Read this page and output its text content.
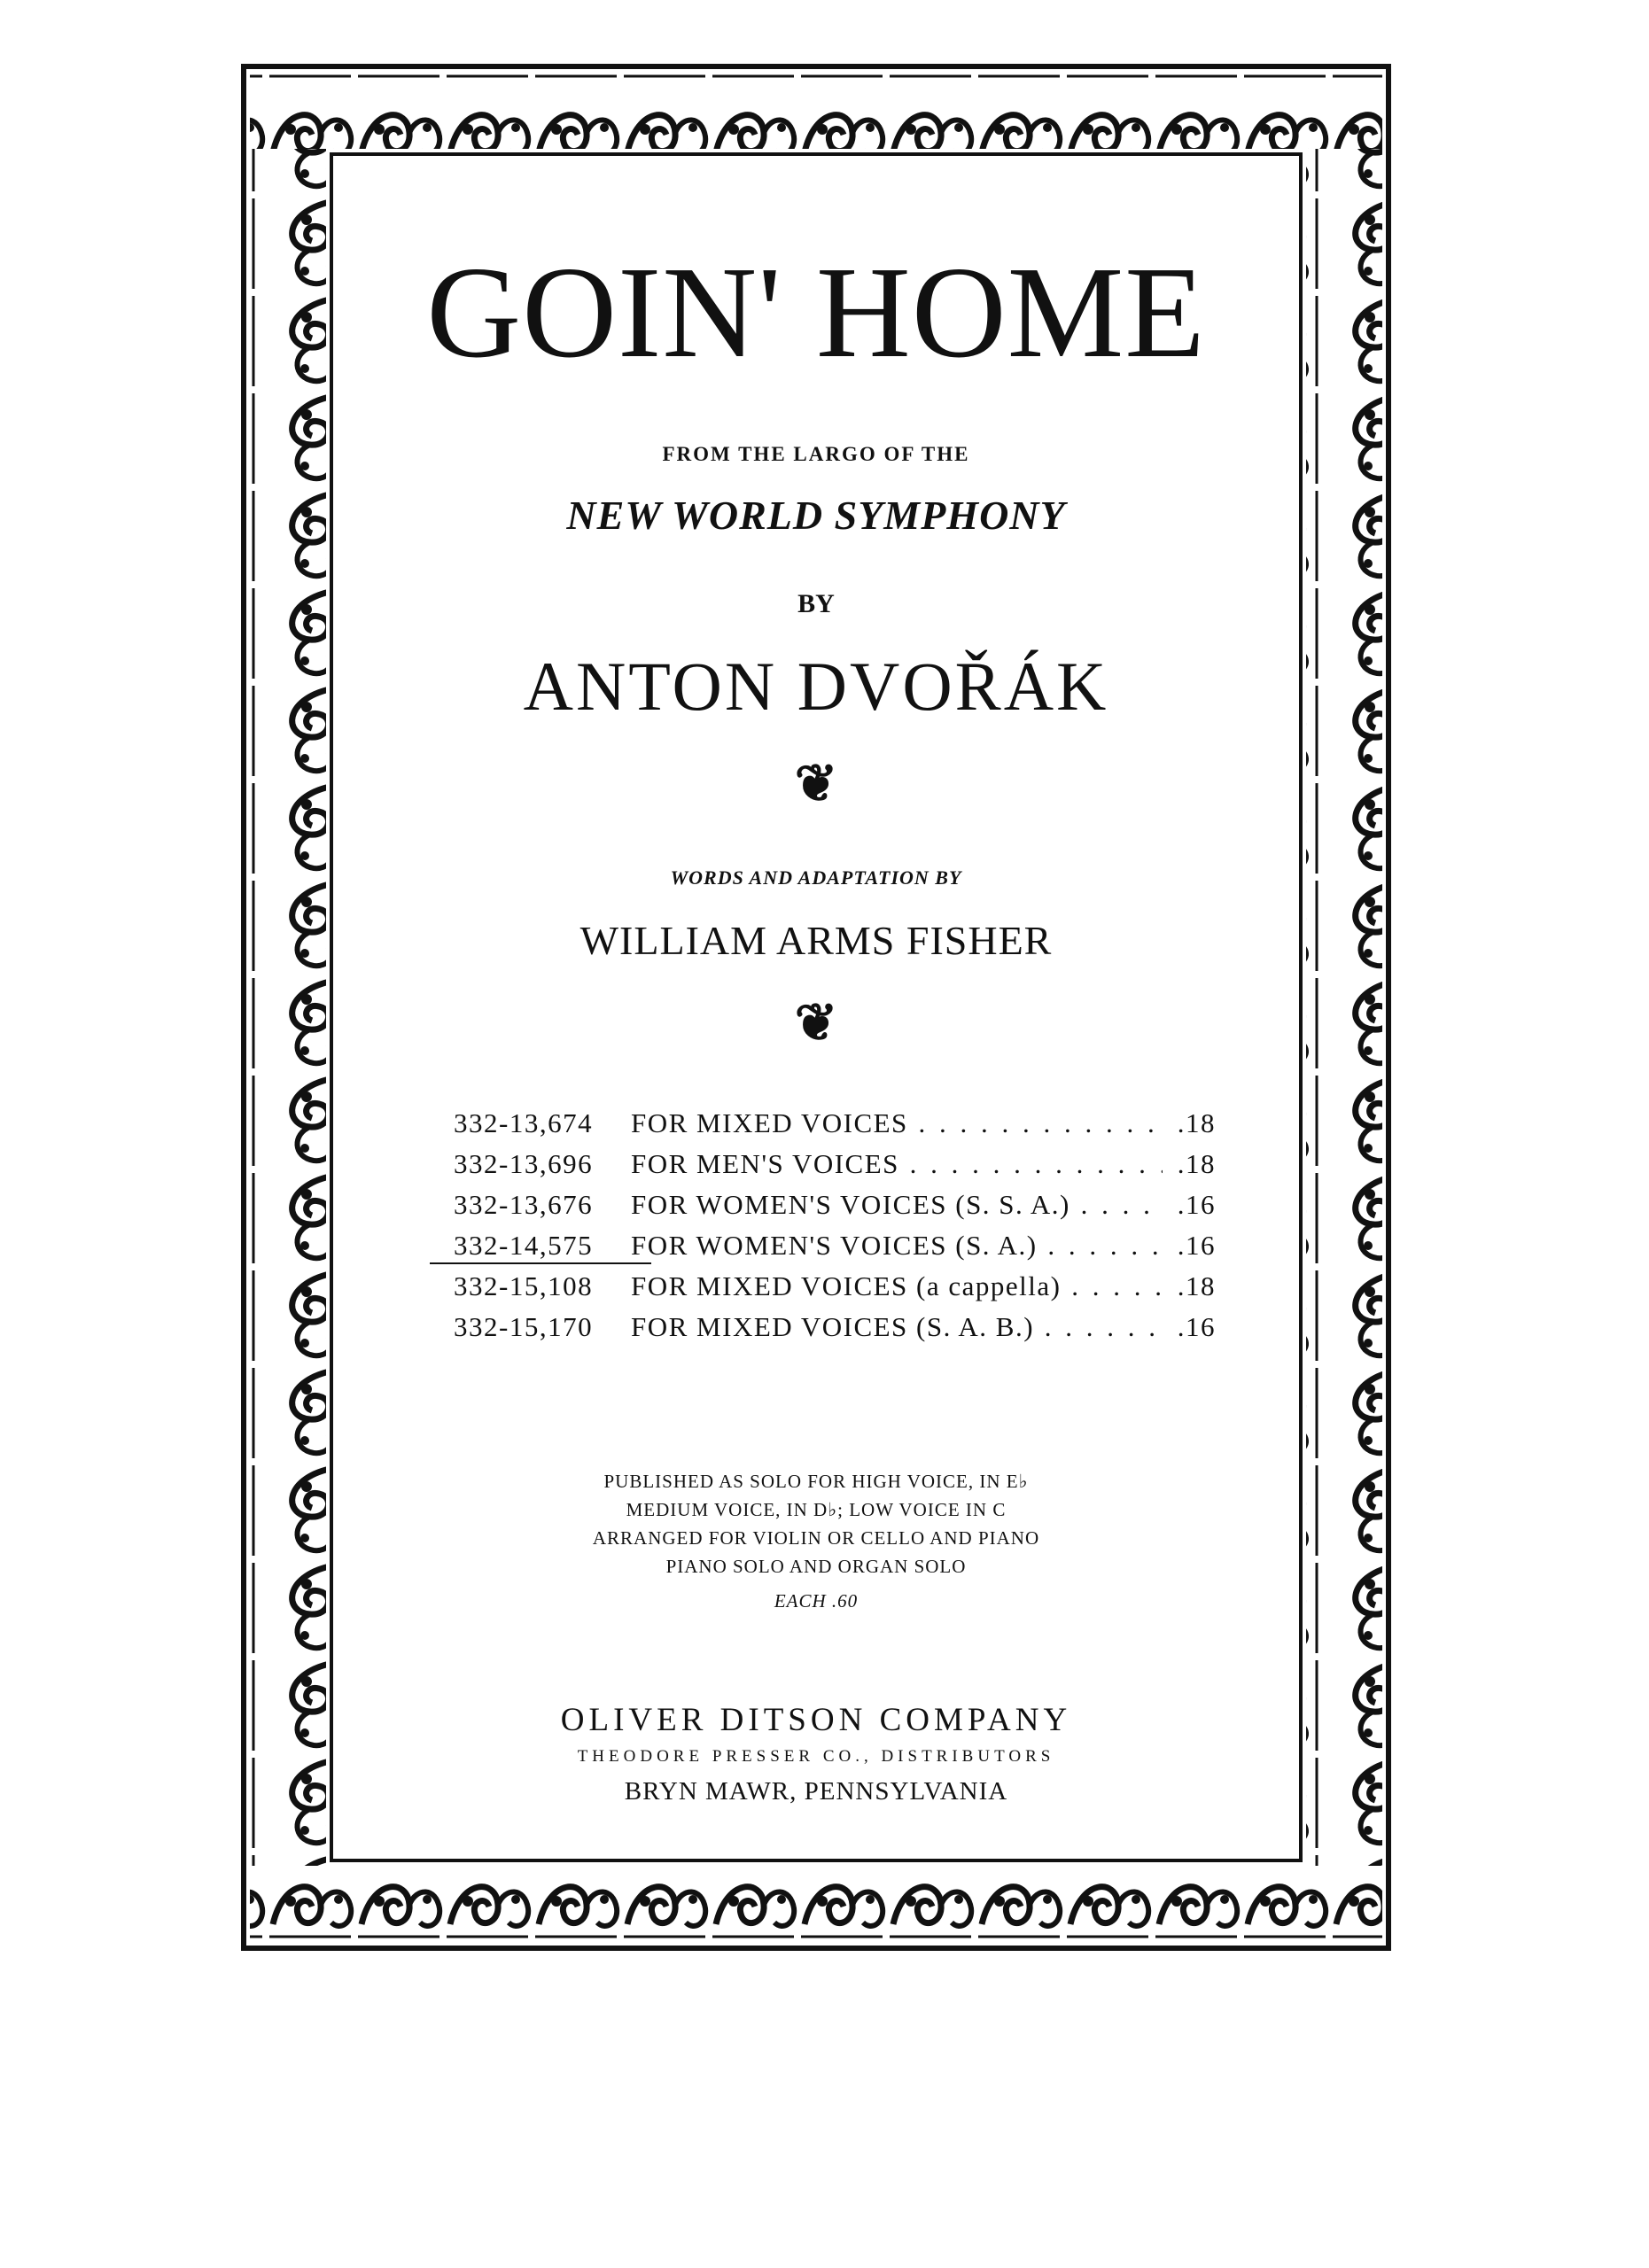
GOIN' HOME
FROM THE LARGO OF THE
NEW WORLD SYMPHONY
BY
ANTON DVOŘÁK
❦
WORDS AND ADAPTATION BY
WILLIAM ARMS FISHER
❦
332-13,674	FOR MIXED VOICES . . .	.18
332-13,696	FOR MEN'S VOICES . . .	.18
332-13,676	FOR WOMEN'S VOICES (S. S. A.) . . .	.16
332-14,575	FOR WOMEN'S VOICES (S. A.) . . .	.16
332-15,108	FOR MIXED VOICES (a cappella) . . .	.18
332-15,170	FOR MIXED VOICES (S. A. B.) . . .	.16
PUBLISHED AS SOLO FOR HIGH VOICE, IN E♭
MEDIUM VOICE, IN D♭; LOW VOICE IN C
ARRANGED FOR VIOLIN OR CELLO AND PIANO
PIANO SOLO AND ORGAN SOLO
EACH .60
OLIVER DITSON COMPANY
THEODORE PRESSER CO., DISTRIBUTORS
BRYN MAWR, PENNSYLVANIA
